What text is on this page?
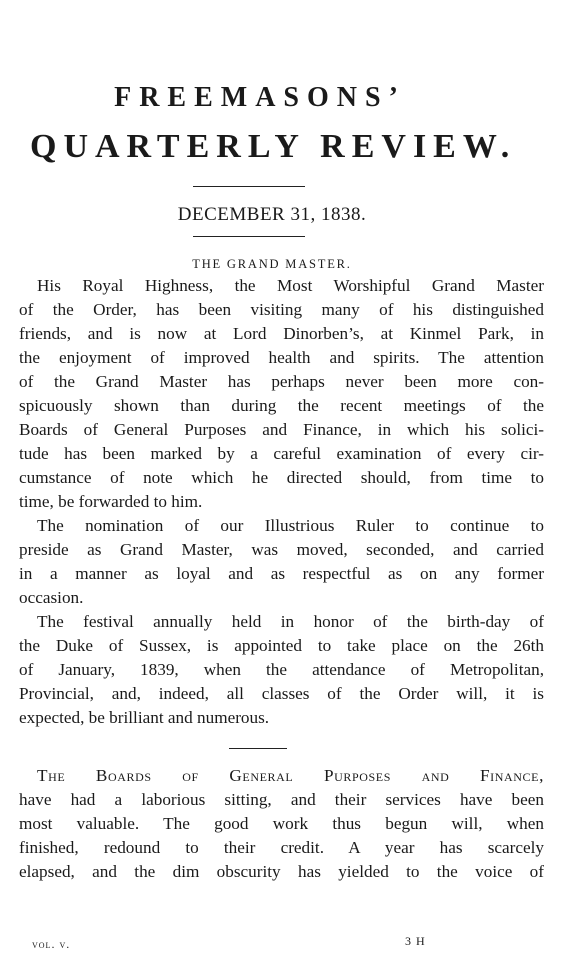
FREEMASONS’
QUARTERLY REVIEW.
DECEMBER 31, 1838.
THE GRAND MASTER.
His Royal Highness, the Most Worshipful Grand Master
of the Order, has been visiting many of his distinguished
friends, and is now at Lord Dinorben’s, at Kinmel Park, in
the enjoyment of improved health and spirits. The attention
of the Grand Master has perhaps never been more con-
spicuously shown than during the recent meetings of the
Boards of General Purposes and Finance, in which his solici-
tude has been marked by a careful examination of every cir-
cumstance of note which he directed should, from time to
time, be forwarded to him.
The nomination of our Illustrious Ruler to continue to
preside as Grand Master, was moved, seconded, and carried
in a manner as loyal and as respectful as on any former
occasion.
The festival annually held in honor of the birth-day of
the Duke of Sussex, is appointed to take place on the 26th
of January, 1839, when the attendance of Metropolitan,
Provincial, and, indeed, all classes of the Order will, it is
expected, be brilliant and numerous.
The Boards of General Purposes and Finance,
have had a laborious sitting, and their services have been
most valuable. The good work thus begun will, when
finished, redound to their credit. A year has scarcely
elapsed, and the dim obscurity has yielded to the voice of
vol. v.	3 H
